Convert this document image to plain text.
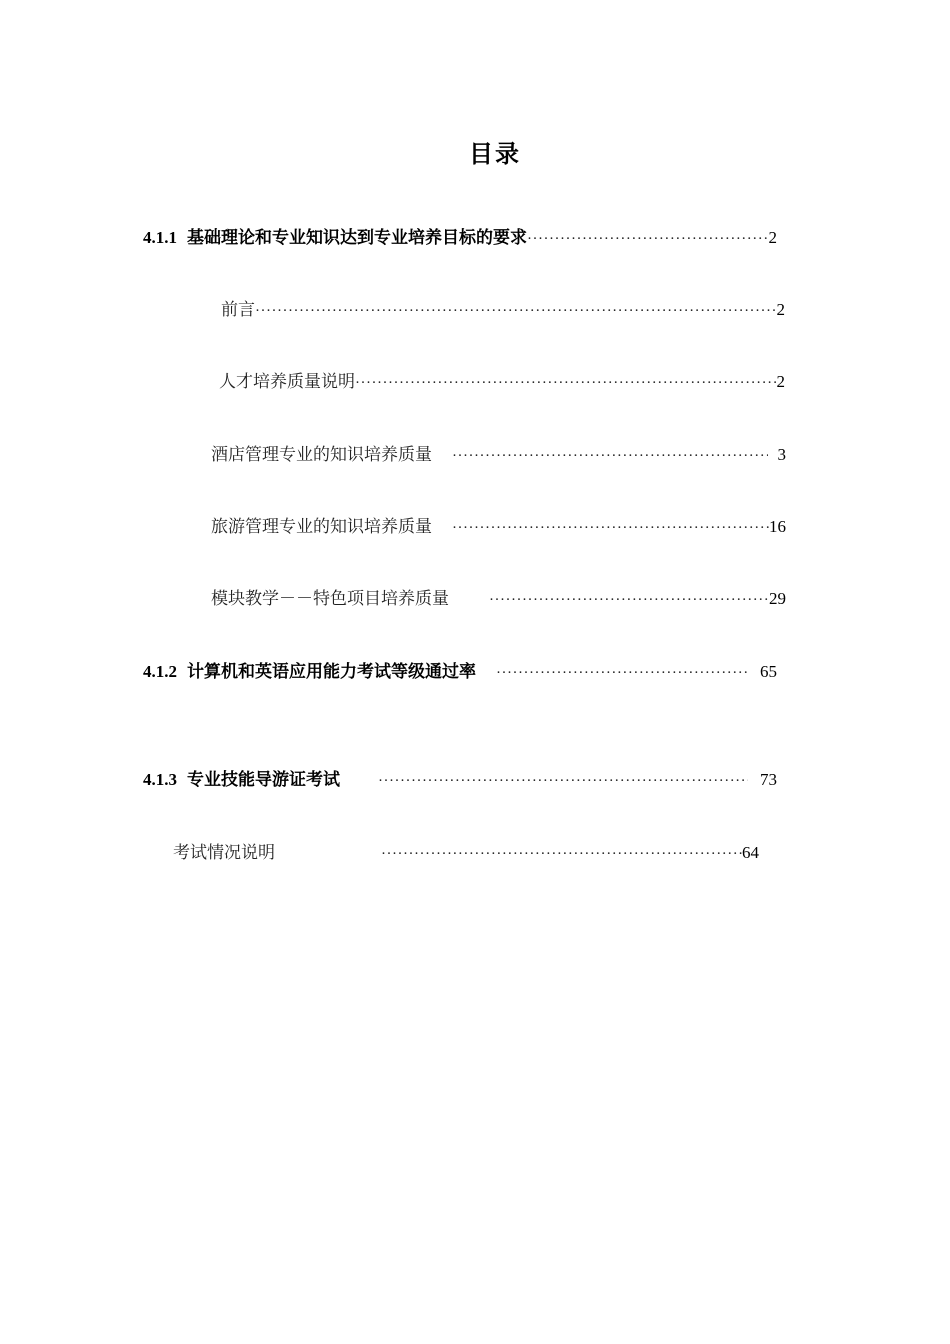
目录
4.1.1 基础理论和专业知识达到专业培养目标的要求 ·····	2
前言 ·····	2
人才培养质量说明 ·····	2
酒店管理专业的知识培养质量 ·····	3
旅游管理专业的知识培养质量 ·····	16
模块教学－－特色项目培养质量 ·····	29
4.1.2 计算机和英语应用能力考试等级通过率 ·····	65
4.1.3 专业技能导游证考试 ·····	73
考试情况说明 ·····	64
